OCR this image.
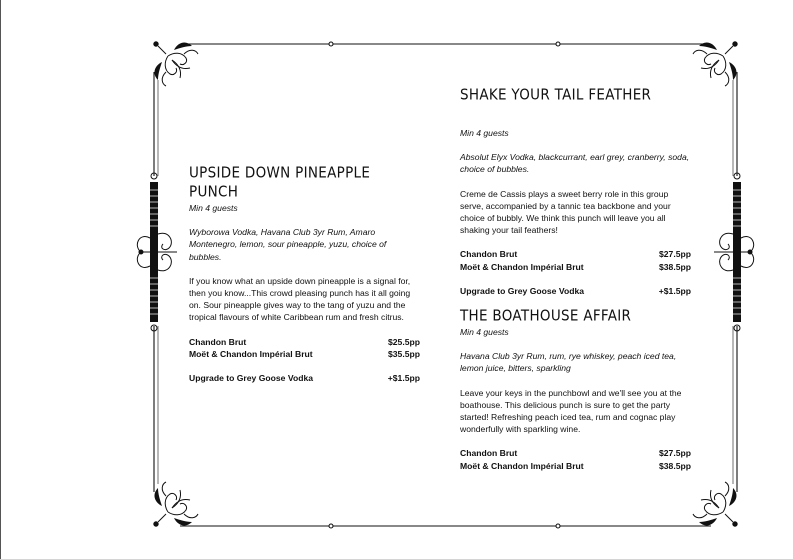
UPSIDE DOWN PINEAPPLE PUNCH

Min 4 guests

Wyborowa Vodka, Havana Club 3yr Rum, Amaro Montenegro, lemon, sour pineapple, yuzu, choice of bubbles.

If you know what an upside down pineapple is a signal for, then you know...This crowd pleasing punch has it all going on. Sour pineapple gives way to the tang of yuzu and the tropical flavours of white Caribbean rum and fresh citrus.

Chandon Brut	$25.5pp
Moët & Chandon Impérial Brut	$35.5pp
Upgrade to Grey Goose Vodka	+$1.5pp
SHAKE YOUR TAIL FEATHER

Min 4 guests

Absolut Elyx Vodka, blackcurrant, earl grey, cranberry, soda, choice of bubbles.

Creme de Cassis plays a sweet berry role in this group serve, accompanied by a tannic tea backbone and your choice of bubbly. We think this punch will leave you all shaking your tail feathers!

Chandon Brut	$27.5pp
Moët & Chandon Impérial Brut	$38.5pp
Upgrade to Grey Goose Vodka	+$1.5pp
THE BOATHOUSE AFFAIR

Min 4 guests

Havana Club 3yr Rum, rum, rye whiskey, peach iced tea, lemon juice, bitters, sparkling

Leave your keys in the punchbowl and we'll see you at the boathouse. This delicious punch is sure to get the party started! Refreshing peach iced tea, rum and cognac play wonderfully with sparkling wine.

Chandon Brut	$27.5pp
Moët & Chandon Impérial Brut	$38.5pp
